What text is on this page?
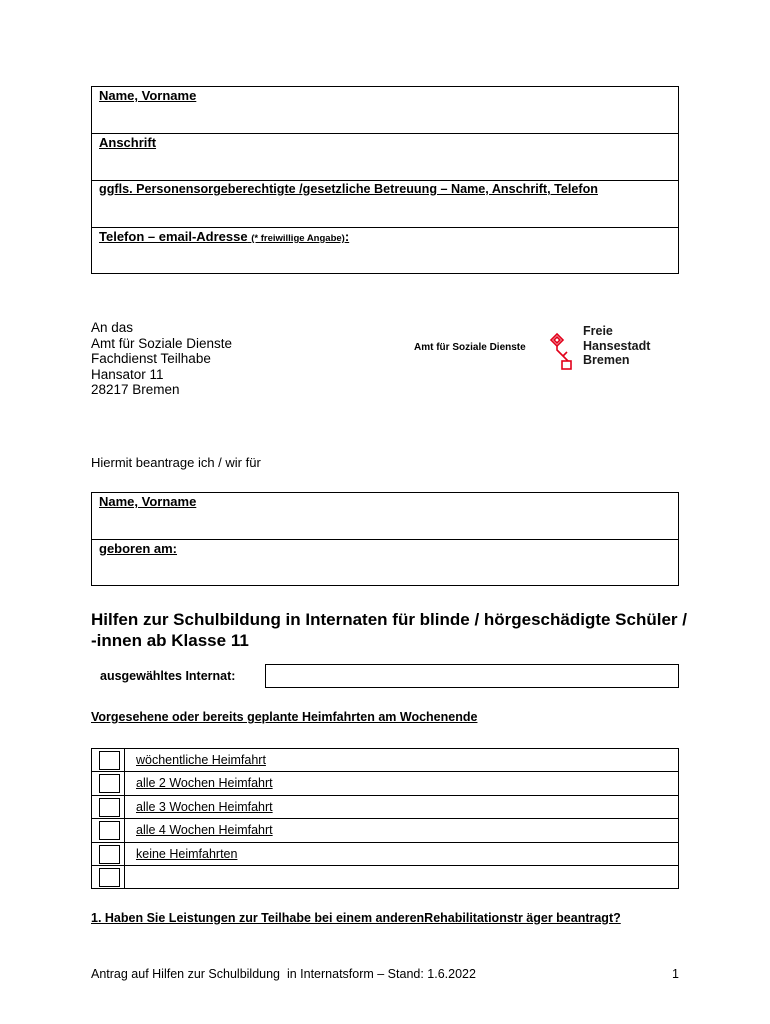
Name, Vorname
Anschrift
ggfls. Personensorgeberechtigte /gesetzliche Betreuung – Name, Anschrift, Telefon
Telefon – email-Adresse (* freiwillige Angabe):
An das
Amt für Soziale Dienste
Fachdienst Teilhabe
Hansator 11
28217 Bremen
Amt für Soziale Dienste
Freie
Hansestadt
Bremen
Hiermit beantrage ich / wir für
Name, Vorname
geboren am:
Hilfen zur Schulbildung in Internaten für blinde / hörgeschädigte Schüler / -innen ab Klasse 11
ausgewähltes Internat:
Vorgesehene oder bereits geplante Heimfahrten am Wochenende
wöchentliche Heimfahrt
alle 2 Wochen Heimfahrt
alle 3 Wochen Heimfahrt
alle 4 Wochen Heimfahrt
keine Heimfahrten
1. Haben Sie Leistungen zur Teilhabe bei einem anderenRehabilitationstr äger beantragt?
Antrag auf Hilfen zur Schulbildung  in Internatsform – Stand: 1.6.2022	1
